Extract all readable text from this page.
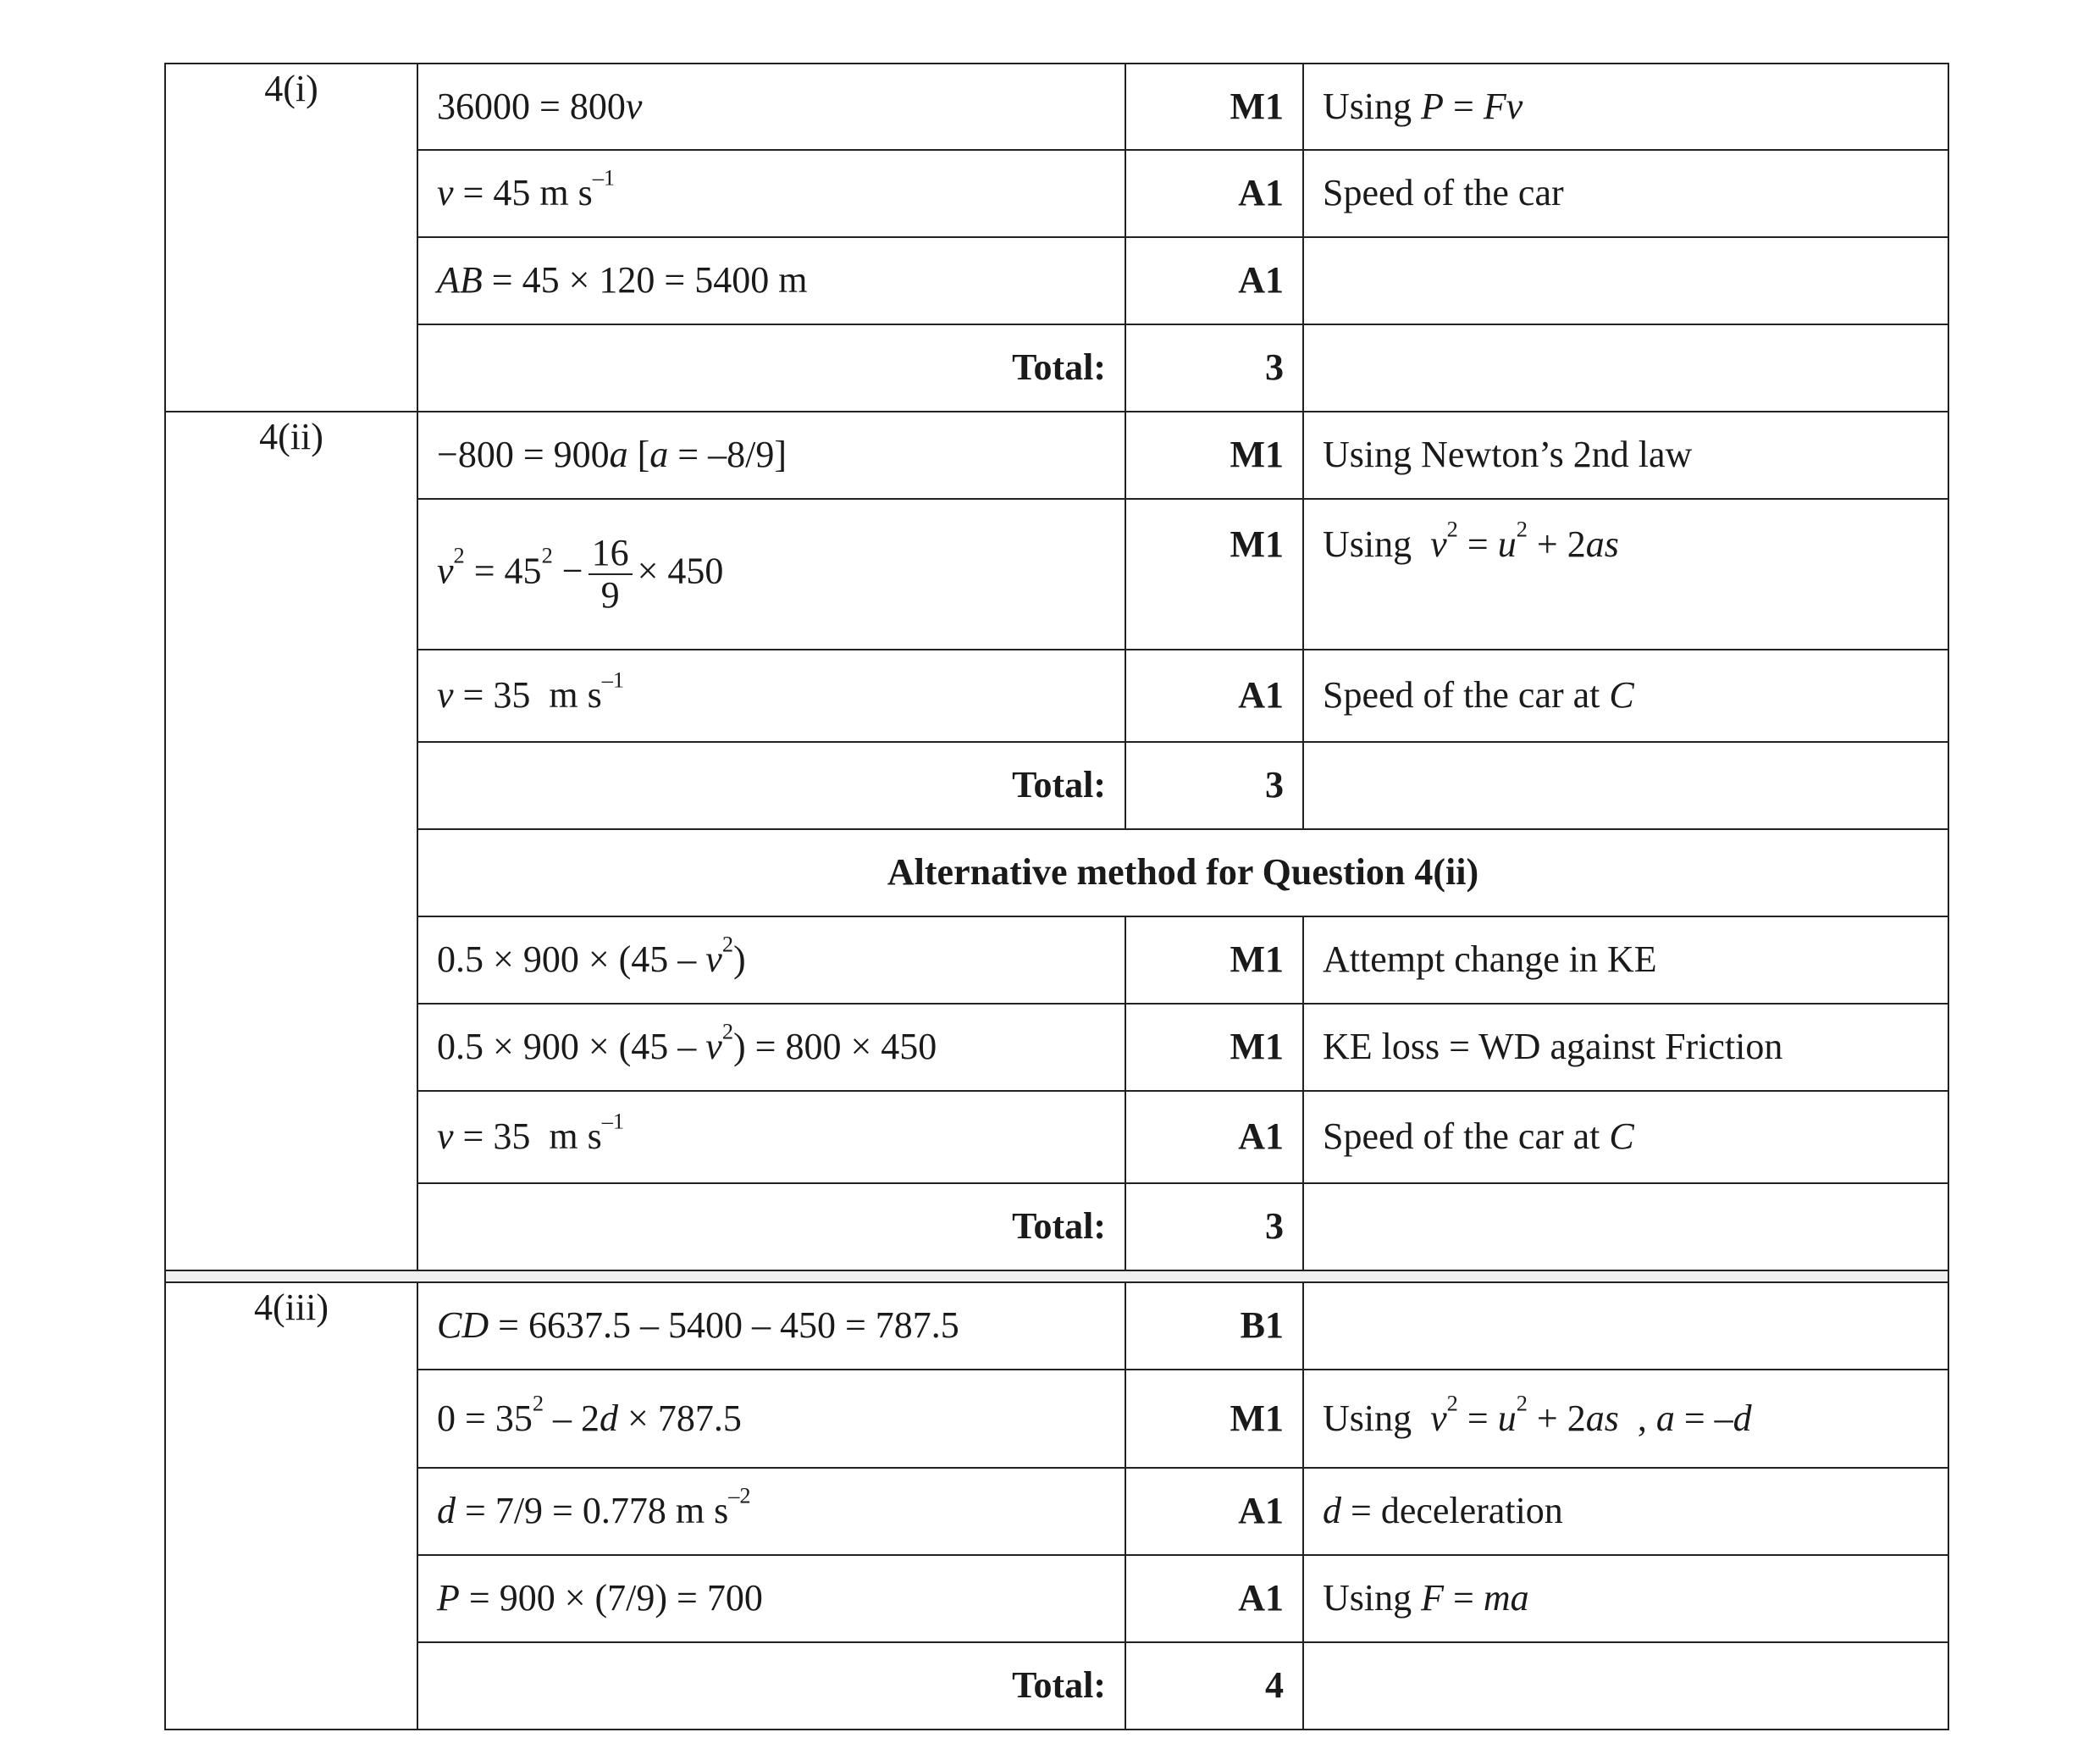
4(i)	36000 = 800v	M1	Using P = Fv
	v = 45 m $s^{-1}$	A1	Speed of the car
	AB = 45 × 120 = 5400 m	A1	
	Total:	3	
4(ii)	−800 = 900a [a = –8/9]	M1	Using Newton’s 2nd law
	$v^2 = 45^2 - \frac{16}{9} \times 450$	M1	Using  $v^2 = u^2 + 2as$
	v = 35  m $s^{-1}$	A1	Speed of the car at C
	Total:	3	
	Alternative method for Question 4(ii)		
	$0.5 \times 900 \times (45 - v^2)$	M1	Attempt change in KE
	$0.5 \times 900 \times (45 - v^2) = 800 \times 450$	M1	KE loss = WD against Friction
	v = 35  m $s^{-1}$	A1	Speed of the car at C
	Total:	3	

4(iii)	CD = 6637.5 – 5400 – 450 = 787.5	B1	
	$0 = 35^2 - 2d \times 787.5$	M1	Using  $v^2 = u^2 + 2as$  , a = –d
	d = 7/9 = 0.778 m $s^{-2}$	A1	d = deceleration
	P = 900 × (7/9) = 700	A1	Using F = ma
	Total:	4	
